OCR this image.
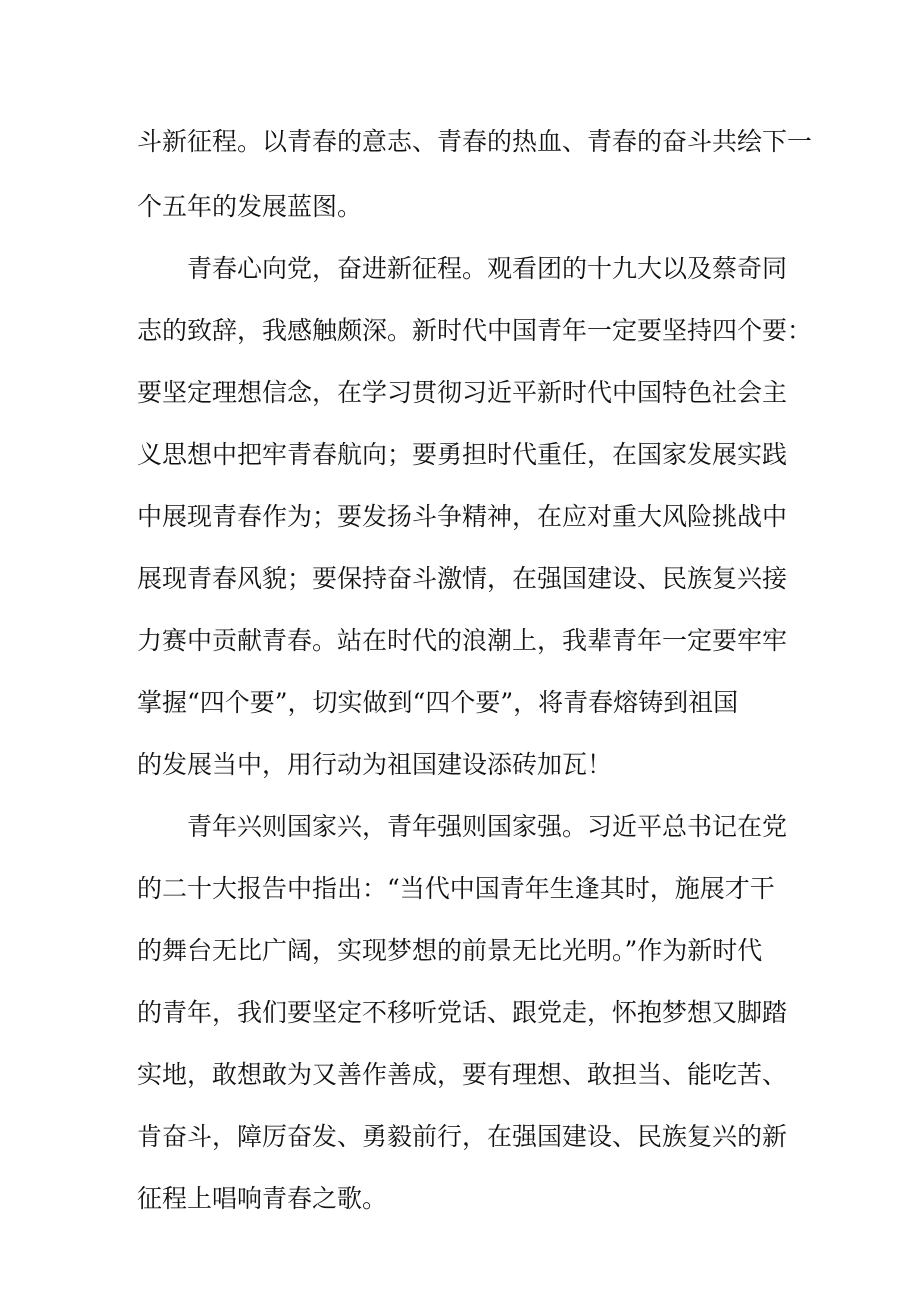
斗新征程。以青春的意志、青春的热血、青春的奋斗共绘下一

个五年的发展蓝图。

青春心向党，奋进新征程。观看团的十九大以及蔡奇同

志的致辞，我感触颇深。新时代中国青年一定要坚持四个要：

要坚定理想信念，在学习贯彻习近平新时代中国特色社会主

义思想中把牢青春航向；要勇担时代重任，在国家发展实践

中展现青春作为；要发扬斗争精神，在应对重大风险挑战中

展现青春风貌；要保持奋斗激情，在强国建设、民族复兴接

力赛中贡献青春。站在时代的浪潮上，我辈青年一定要牢牢

掌握“四个要”，切实做到“四个要”，将青春熔铸到祖国

的发展当中，用行动为祖国建设添砖加瓦！

青年兴则国家兴，青年强则国家强。习近平总书记在党

的二十大报告中指出：“当代中国青年生逢其时，施展才干

的舞台无比广阔，实现梦想的前景无比光明。”作为新时代

的青年，我们要坚定不移听党话、跟党走，怀抱梦想又脚踏

实地，敢想敢为又善作善成，要有理想、敢担当、能吃苦、

肯奋斗，障厉奋发、勇毅前行，在强国建设、民族复兴的新

征程上唱响青春之歌。
